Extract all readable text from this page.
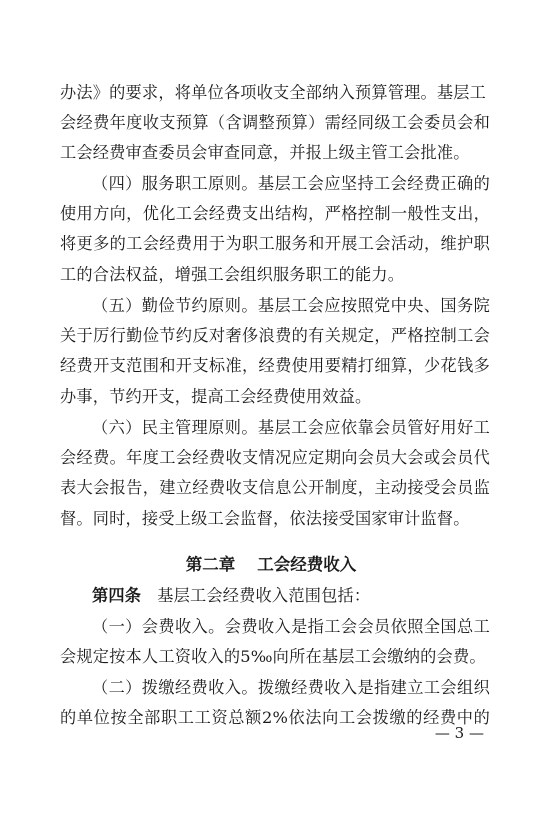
办法》的要求，将单位各项收支全部纳入预算管理。基层工
会经费年度收支预算（含调整预算）需经同级工会委员会和
工会经费审查委员会审查同意，并报上级主管工会批准。
（四）服务职工原则。基层工会应坚持工会经费正确的
使用方向，优化工会经费支出结构，严格控制一般性支出，
将更多的工会经费用于为职工服务和开展工会活动，维护职
工的合法权益，增强工会组织服务职工的能力。
（五）勤俭节约原则。基层工会应按照党中央、国务院
关于厉行勤俭节约反对奢侈浪费的有关规定，严格控制工会
经费开支范围和开支标准，经费使用要精打细算，少花钱多
办事，节约开支，提高工会经费使用效益。
（六）民主管理原则。基层工会应依靠会员管好用好工
会经费。年度工会经费收支情况应定期向会员大会或会员代
表大会报告，建立经费收支信息公开制度，主动接受会员监
督。同时，接受上级工会监督，依法接受国家审计监督。
第二章 工会经费收入
第四条 基层工会经费收入范围包括：
（一）会费收入。会费收入是指工会会员依照全国总工
会规定按本人工资收入的5‰向所在基层工会缴纳的会费。
（二）拨缴经费收入。拨缴经费收入是指建立工会组织
的单位按全部职工工资总额2%依法向工会拨缴的经费中的
— 3 —
